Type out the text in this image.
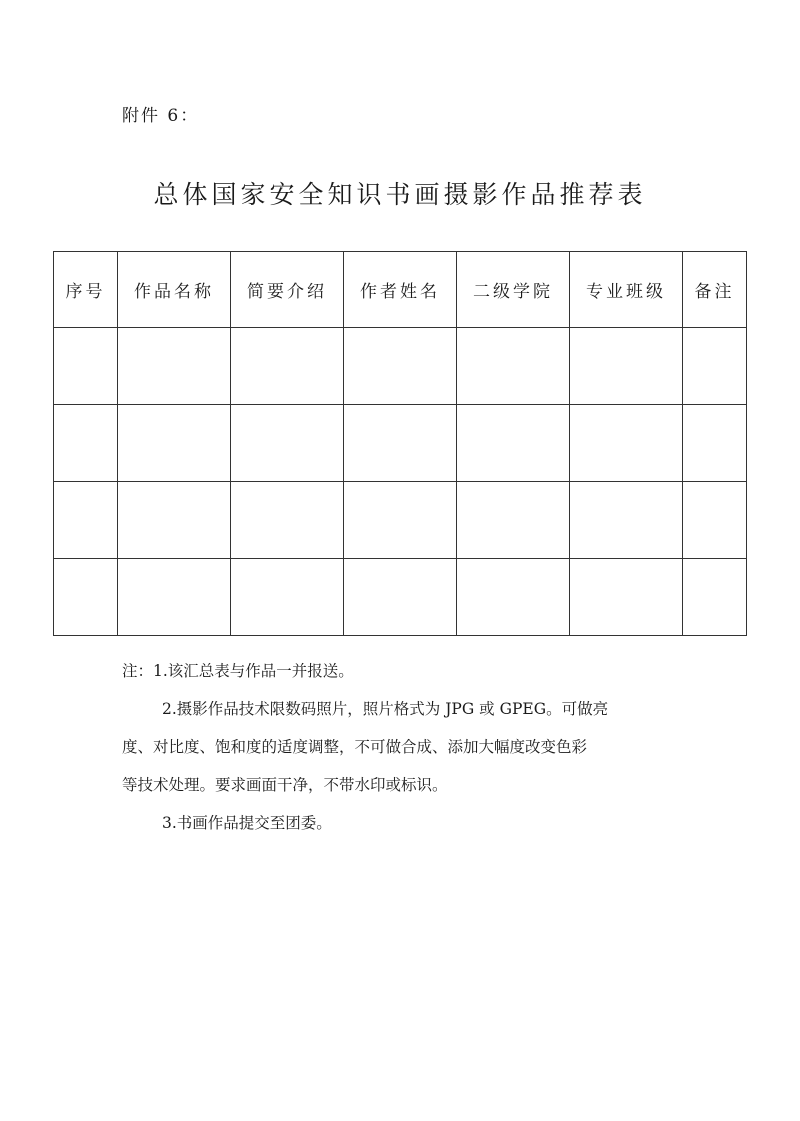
附件 6：
总体国家安全知识书画摄影作品推荐表
序号	作品名称	简要介绍	作者姓名	二级学院	专业班级	备注

注：1.该汇总表与作品一并报送。

2.摄影作品技术限数码照片，照片格式为 JPG 或 GPEG。可做亮

度、对比度、饱和度的适度调整，不可做合成、添加大幅度改变色彩

等技术处理。要求画面干净，不带水印或标识。

3.书画作品提交至团委。
